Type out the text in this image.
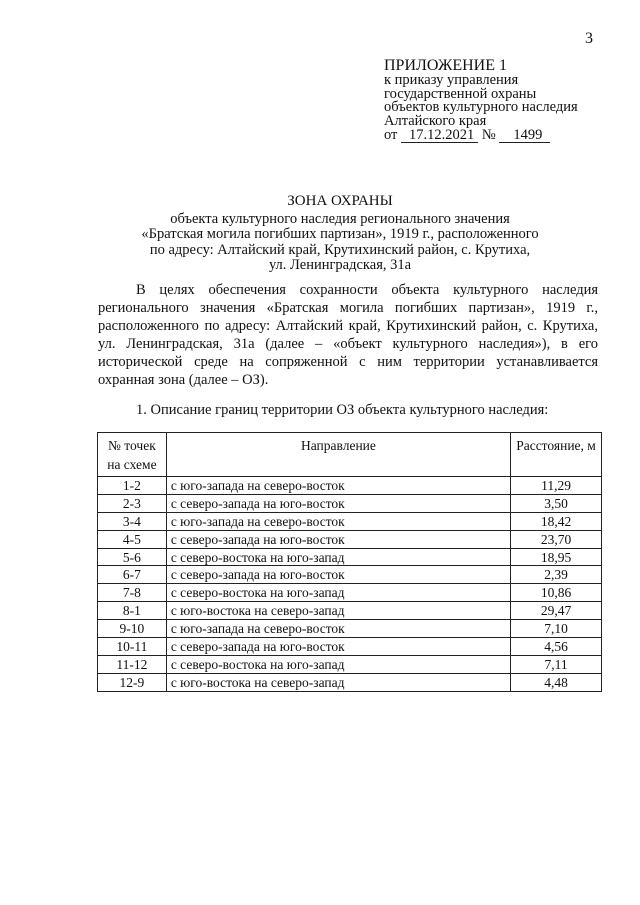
3
ПРИЛОЖЕНИЕ 1
к приказу управления
государственной охраны
объектов культурного наследия
Алтайского края
от 17.12.2021 № 1499
ЗОНА ОХРАНЫ
объекта культурного наследия регионального значения
«Братская могила погибших партизан», 1919 г., расположенного
по адресу: Алтайский край, Крутихинский район, с. Крутиха,
ул. Ленинградская, 31а
В целях обеспечения сохранности объекта культурного наследия регионального значения «Братская могила погибших партизан», 1919 г., расположенного по адресу: Алтайский край, Крутихинский район, с. Крутиха, ул. Ленинградская, 31а (далее – «объект культурного наследия»), в его исторической среде на сопряженной с ним территории устанавливается охранная зона (далее – ОЗ).
1. Описание границ территории ОЗ объекта культурного наследия:
№ точек на схеме	Направление	Расстояние, м
1-2	с юго-запада на северо-восток	11,29
2-3	с северо-запада на юго-восток	3,50
3-4	с юго-запада на северо-восток	18,42
4-5	с северо-запада на юго-восток	23,70
5-6	с северо-востока на юго-запад	18,95
6-7	с северо-запада на юго-восток	2,39
7-8	с северо-востока на юго-запад	10,86
8-1	с юго-востока на северо-запад	29,47
9-10	с юго-запада на северо-восток	7,10
10-11	с северо-запада на юго-восток	4,56
11-12	с северо-востока на юго-запад	7,11
12-9	с юго-востока на северо-запад	4,48
